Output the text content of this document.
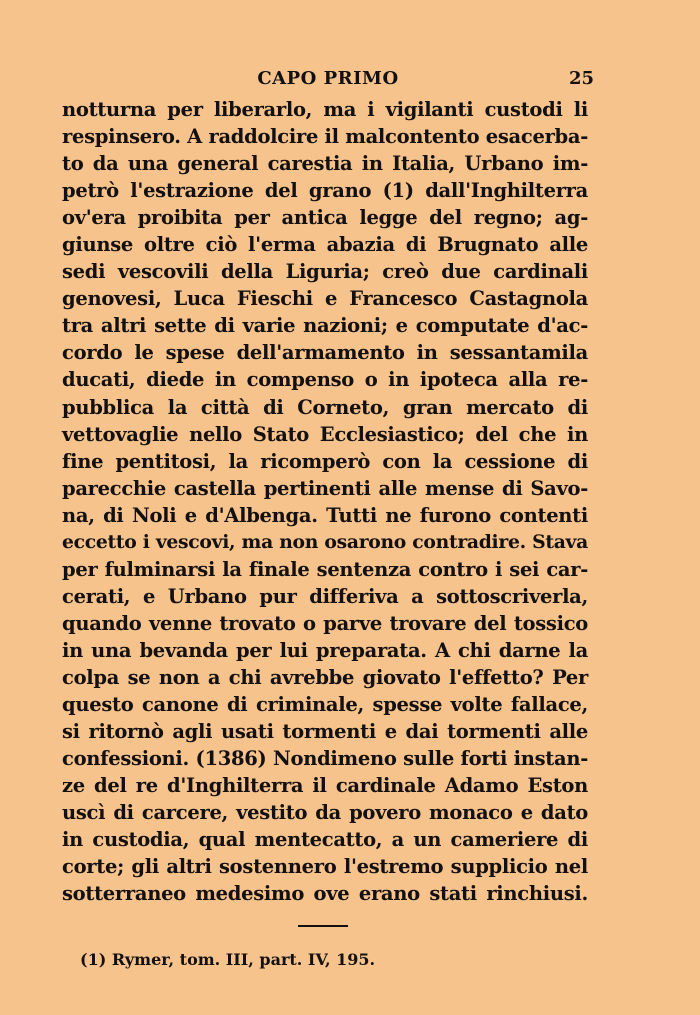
CAPO PRIMO	25
notturna per liberarlo, ma i vigilanti custodi li
respinsero. A raddolcire il malcontento esacerba-
to da una general carestia in Italia, Urbano im-
petrò l'estrazione del grano (1) dall'Inghilterra
ov'era proibita per antica legge del regno; ag-
giunse oltre ciò l'erma abazia di Brugnato alle
sedi vescovili della Liguria; creò due cardinali
genovesi, Luca Fieschi e Francesco Castagnola
tra altri sette di varie nazioni; e computate d'ac-
cordo le spese dell'armamento in sessantamila
ducati, diede in compenso o in ipoteca alla re-
pubblica la città di Corneto, gran mercato di
vettovaglie nello Stato Ecclesiastico; del che in
fine pentitosi, la ricomperò con la cessione di
parecchie castella pertinenti alle mense di Savo-
na, di Noli e d'Albenga. Tutti ne furono contenti
eccetto i vescovi, ma non osarono contradire. Stava
per fulminarsi la finale sentenza contro i sei car-
cerati, e Urbano pur differiva a sottoscriverla,
quando venne trovato o parve trovare del tossico
in una bevanda per lui preparata. A chi darne la
colpa se non a chi avrebbe giovato l'effetto? Per
questo canone di criminale, spesse volte fallace,
si ritornò agli usati tormenti e dai tormenti alle
confessioni. (1386) Nondimeno sulle forti instan-
ze del re d'Inghilterra il cardinale Adamo Eston
uscì di carcere, vestito da povero monaco e dato
in custodia, qual mentecatto, a un cameriere di
corte; gli altri sostennero l'estremo supplicio nel
sotterraneo medesimo ove erano stati rinchiusi.
(1) Rymer, tom. III, part. IV, 195.
